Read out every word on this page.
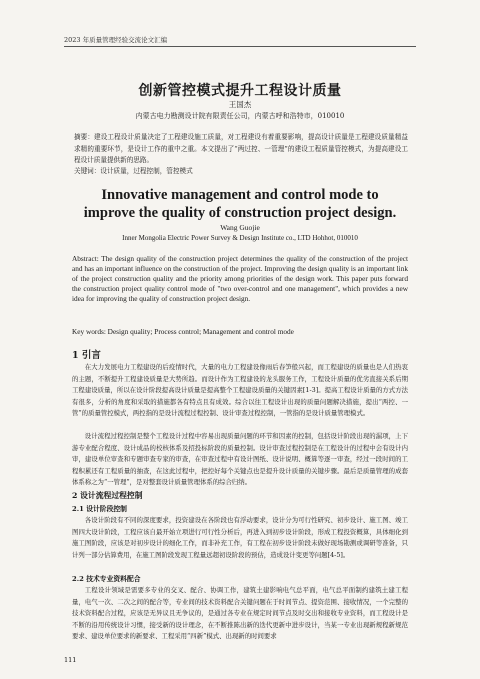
2023 年质量管理经验交流论文汇编
创新管控模式提升工程设计质量
王国杰
内蒙古电力勘测设计院有限责任公司，内蒙古呼和浩特市，010010
摘要：建设工程设计质量决定了工程建设施工质量，对工程建设有着重要影响，提高设计质量是工程建设质量精益求精的重要环节，是设计工作的重中之重。本文提出了“两过控、一管理”的建设工程质量管控模式，为提高建设工程设计质量提供新的思路。
关键词：设计质量，过程控制，管控模式
Innovative management and control mode to improve the quality of construction project design.
Wang Guojie
Inner Mongolia Electric Power Survey & Design Institute co., LTD Hohhot, 010010
Abstract: The design quality of the construction project determines the quality of the construction of the project and has an important influence on the construction of the project. Improving the design quality is an important link of the project construction quality and the priority among priorities of the design work. This paper puts forward the construction project quality control mode of "two over-control and one management", which provides a new idea for improving the quality of construction project design.
Key words: Design quality; Process control; Management and control mode
1 引言
在大力发展电力工程建设的后疫情时代，大量的电力工程建设像雨后春笋般兴起，而工程建设的质量也是人们热衷的主题，不断提升工程建设质量是大势所趋。而设计作为工程建设的龙头服务工作，工程设计质量的优劣直接关系后期工程建设质量，所以在设计阶段提高设计质量是提高整个工程建设质量的关键因素[1-3]。提高工程设计质量的方式方法有很多，分析的角度和采取的措施都各有特点且有成效。综合以往工程设计出现的质量问题解决措施，提出“两控、一管”的质量管控模式，两控指的是设计流程过程控制、设计审查过程控制，一管指的是设计质量管理模式。
设计流程过程控制是整个工程设计过程中容易出现质量问题的环节和因素的控制，包括设计阶段出现的漏项，上下游专业配合程度、设计成品的校核体系及招投标阶段的质量控制。设计审查过程控制是在工程设计的过程中会有设计内审，建设单位审查和专题审查专家的审查，在审查过程中有设计图纸、设计说明、概算等逐一审查，经过一段时间的工程积累还有工程质量的抽查，在这此过程中，把控好每个关键点也是提升设计质量的关键步骤。最后是质量管理的成套体系称之为“一管理”，是对整套设计质量管理体系的综合归纳。
2 设计流程过程控制
2.1 设计阶段控制
各设计阶段有不同的深度要求，投资建设在各阶段也有浮动要求，设计分为可行性研究、初步设计、施工图、竣工图四大设计阶段，工程应该自最开始立项进行可行性分析后，再进入到初步设计阶段，形成工程投资概算，具体细化到施工图阶段，应该是对初步设计的细化工作，而非补充工作，有工程在初步设计阶段未做好现场勘测或调研等准备，只计列一部分估算费用，在施工图阶段发现工程量远超初设阶段的预估，造成设计变更等问题[4-5]。
2.2 技术专业资料配合
工程设计领域是需要多专业的交叉、配合、协调工作，建筑土建影响电气总平面，电气总平面制约建筑土建工程量，电气一次、二次之间的配合等，专业间的技术资料配合关键问题在于时间节点、提资范围、接收情况，一个完整的技术资料配合过程，应该是无异议且无争议的，是通过各专业在规定时间节点及时交出和接收专业资料，而工程设计是不断的沿用传统设计习惯，接受新的设计理念，在不断推陈出新的迭代更新中进步设计，当某一专业出现新规程新规范要求、建设单位要求的新要求、工程采用“四新”模式、出现新的时间要求
111
